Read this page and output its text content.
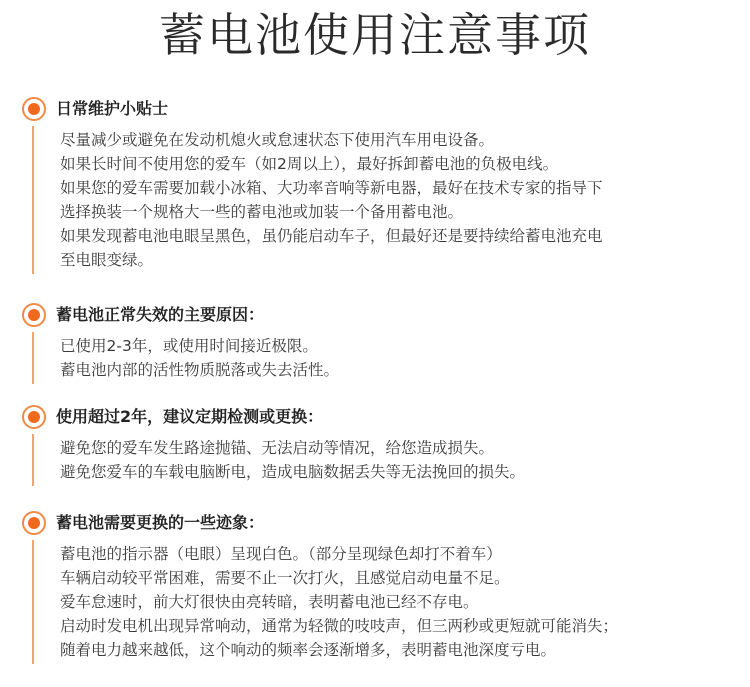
蓄电池使用注意事项
日常维护小贴士
尽量减少或避免在发动机熄火或怠速状态下使用汽车用电设备。
如果长时间不使用您的爱车（如2周以上），最好拆卸蓄电池的负极电线。
如果您的爱车需要加载小冰箱、大功率音响等新电器，最好在技术专家的指导下
选择换装一个规格大一些的蓄电池或加装一个备用蓄电池。
如果发现蓄电池电眼呈黑色，虽仍能启动车子，但最好还是要持续给蓄电池充电
至电眼变绿。
蓄电池正常失效的主要原因：
已使用2-3年，或使用时间接近极限。
蓄电池内部的活性物质脱落或失去活性。
使用超过2年，建议定期检测或更换：
避免您的爱车发生路途抛锚、无法启动等情况，给您造成损失。
避免您爱车的车载电脑断电，造成电脑数据丢失等无法挽回的损失。
蓄电池需要更换的一些迹象：
蓄电池的指示器（电眼）呈现白色。（部分呈现绿色却打不着车）
车辆启动较平常困难，需要不止一次打火，且感觉启动电量不足。
爱车怠速时，前大灯很快由亮转暗，表明蓄电池已经不存电。
启动时发电机出现异常响动，通常为轻微的吱吱声，但三两秒或更短就可能消失；
随着电力越来越低，这个响动的频率会逐渐增多，表明蓄电池深度亏电。
